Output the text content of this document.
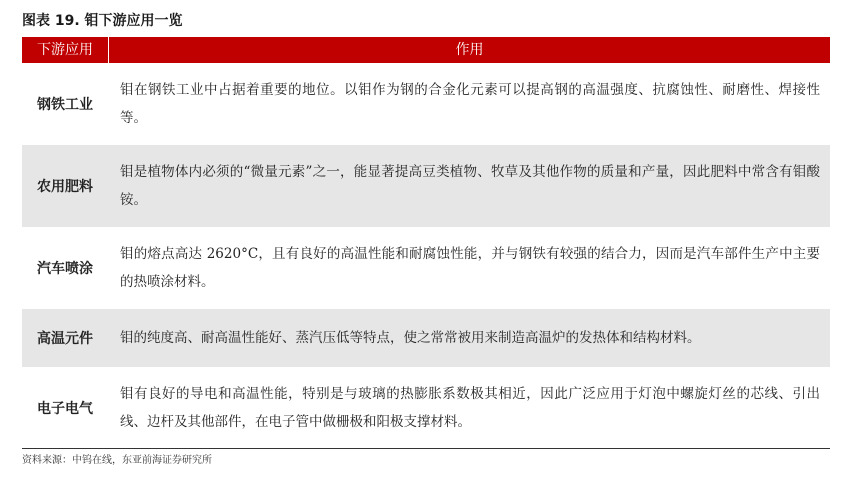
图表 19. 钼下游应用一览
下游应用	作用
钢铁工业
钼在钢铁工业中占据着重要的地位。以钼作为钢的合金化元素可以提高钢的高温强度、抗腐蚀性、耐磨性、焊接性等。
农用肥料
钼是植物体内必须的“微量元素”之一，能显著提高豆类植物、牧草及其他作物的质量和产量，因此肥料中常含有钼酸铵。
汽车喷涂
钼的熔点高达 2620°C，且有良好的高温性能和耐腐蚀性能，并与钢铁有较强的结合力，因而是汽车部件生产中主要的热喷涂材料。
高温元件	钼的纯度高、耐高温性能好、蒸汽压低等特点，使之常常被用来制造高温炉的发热体和结构材料。
电子电气
钼有良好的导电和高温性能，特别是与玻璃的热膨胀系数极其相近，因此广泛应用于灯泡中螺旋灯丝的芯线、引出线、边杆及其他部件，在电子管中做栅极和阳极支撑材料。
资料来源：中钨在线，东亚前海证券研究所
